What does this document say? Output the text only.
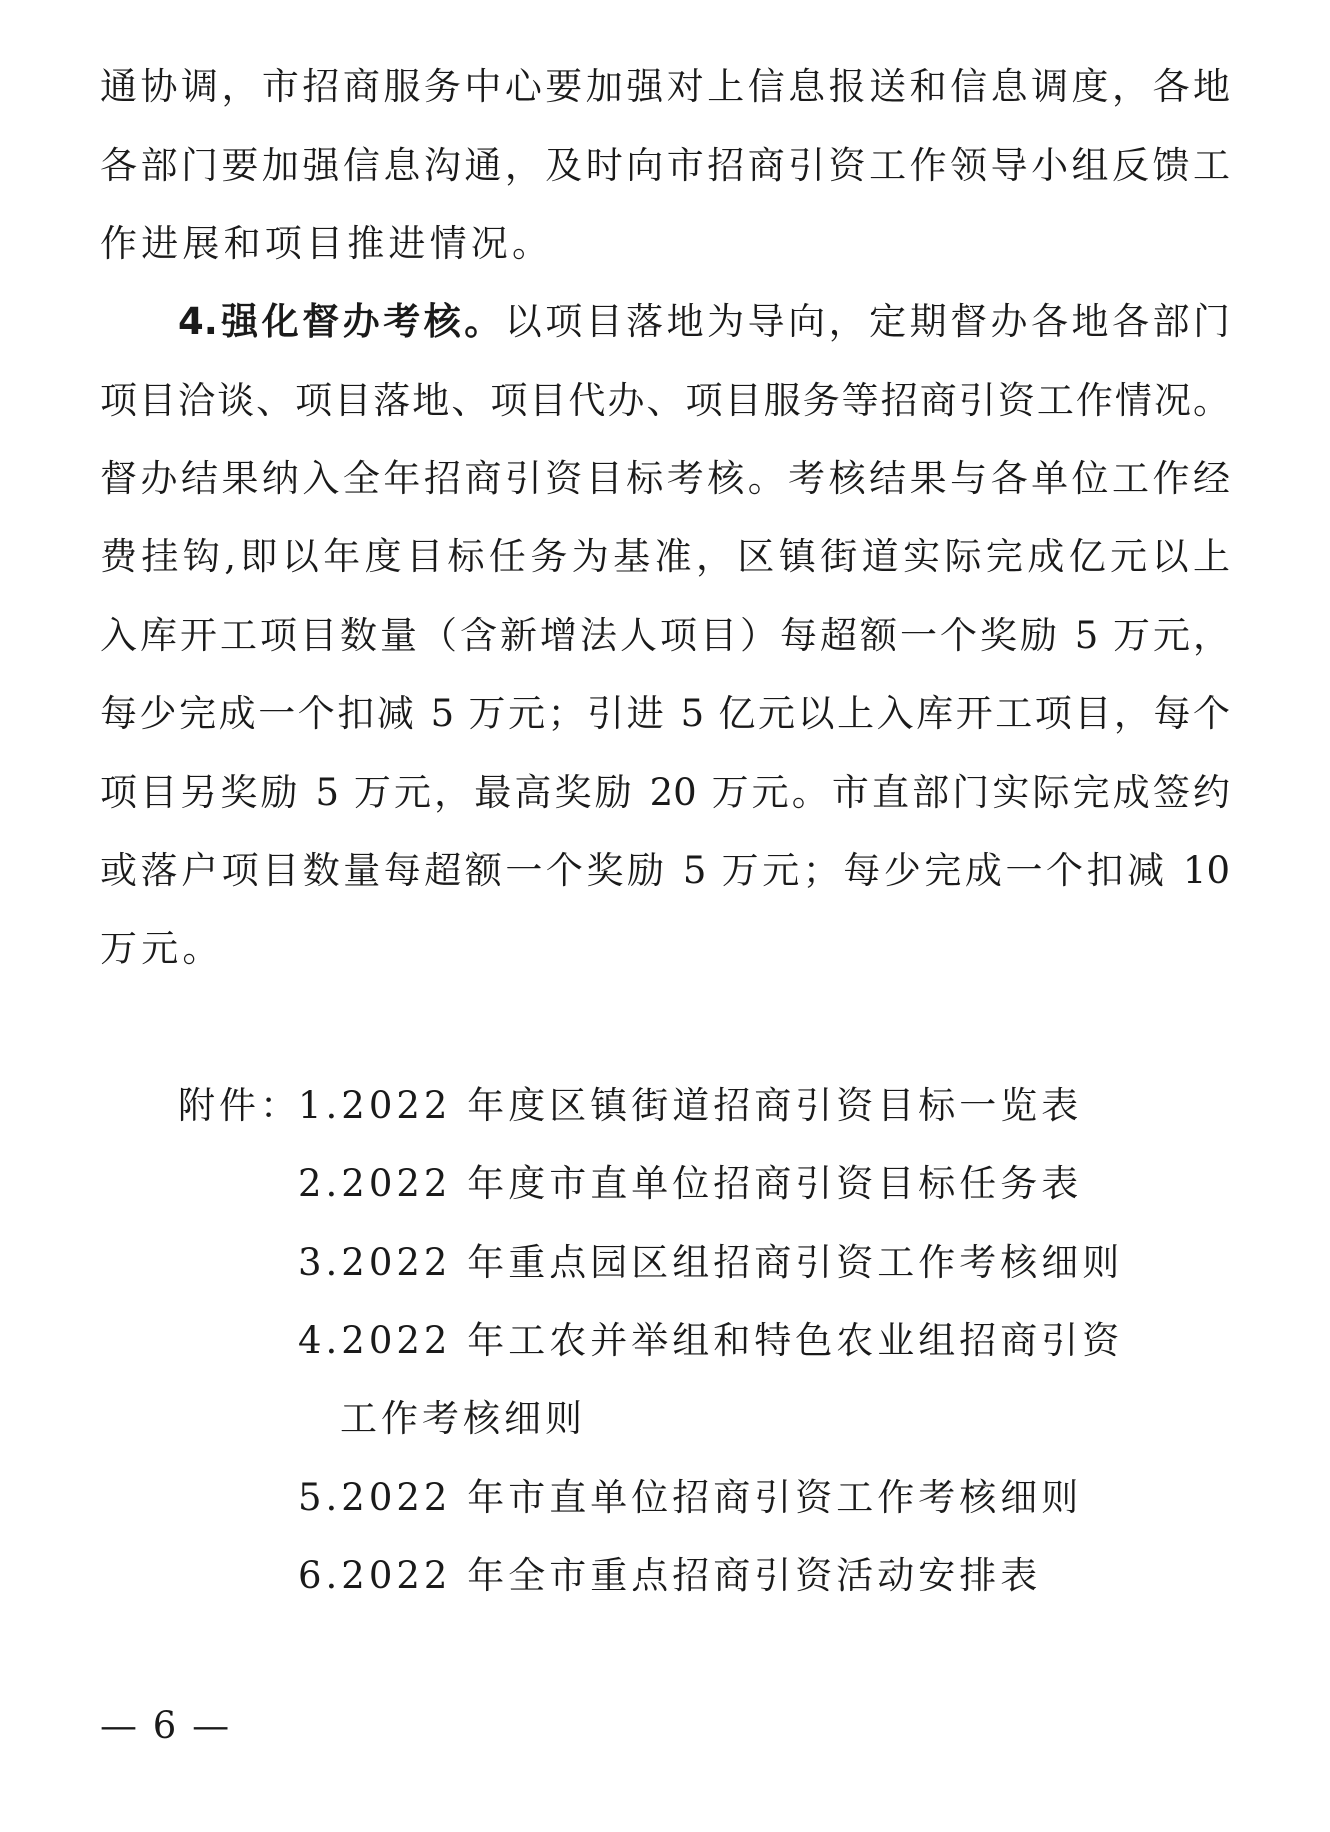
通协调，市招商服务中心要加强对上信息报送和信息调度，各地
各部门要加强信息沟通，及时向市招商引资工作领导小组反馈工
作进展和项目推进情况。
4.强化督办考核。以项目落地为导向，定期督办各地各部门
项目洽谈、项目落地、项目代办、项目服务等招商引资工作情况。
督办结果纳入全年招商引资目标考核。考核结果与各单位工作经
费挂钩,即以年度目标任务为基准，区镇街道实际完成亿元以上
入库开工项目数量（含新增法人项目）每超额一个奖励 5 万元，
每少完成一个扣减 5 万元；引进 5 亿元以上入库开工项目，每个
项目另奖励 5 万元，最高奖励 20 万元。市直部门实际完成签约
或落户项目数量每超额一个奖励 5 万元；每少完成一个扣减 10
万元。
附件：
1.2022 年度区镇街道招商引资目标一览表
2.2022 年度市直单位招商引资目标任务表
3.2022 年重点园区组招商引资工作考核细则
4.2022 年工农并举组和特色农业组招商引资
工作考核细则
5.2022 年市直单位招商引资工作考核细则
6.2022 年全市重点招商引资活动安排表
— 6 —
